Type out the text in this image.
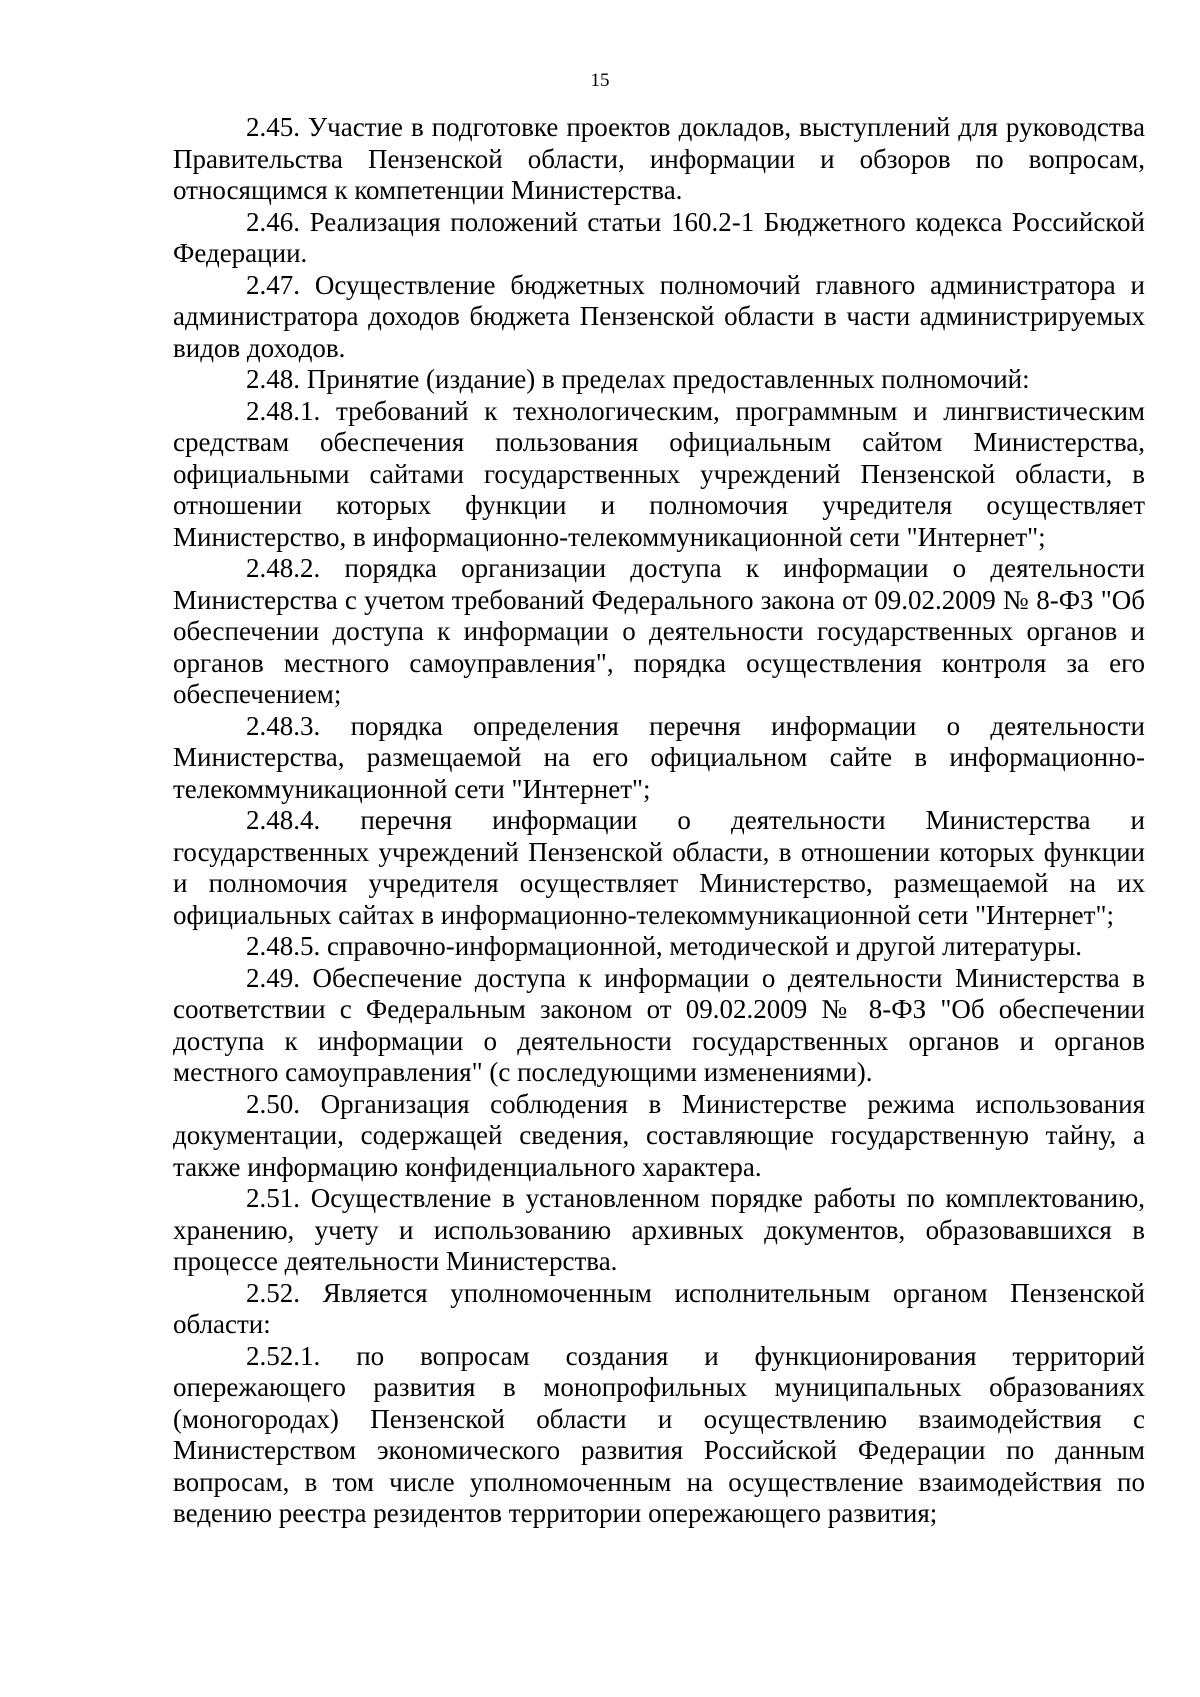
15

2.45. Участие в подготовке проектов докладов, выступлений для руководства Правительства Пензенской области, информации и обзоров по вопросам, относящимся к компетенции Министерства.

2.46. Реализация положений статьи 160.2-1 Бюджетного кодекса Российской Федерации.

2.47. Осуществление бюджетных полномочий главного администратора и администратора доходов бюджета Пензенской области в части администрируемых видов доходов.

2.48. Принятие (издание) в пределах предоставленных полномочий:

2.48.1. требований к технологическим, программным и лингвистическим средствам обеспечения пользования официальным сайтом Министерства, официальными сайтами государственных учреждений Пензенской области, в отношении которых функции и полномочия учредителя осуществляет Министерство, в информационно-телекоммуникационной сети "Интернет";

2.48.2. порядка организации доступа к информации о деятельности Министерства с учетом требований Федерального закона от 09.02.2009 № 8-ФЗ "Об обеспечении доступа к информации о деятельности государственных органов и органов местного самоуправления", порядка осуществления контроля за его обеспечением;

2.48.3. порядка определения перечня информации о деятельности Министерства, размещаемой на его официальном сайте в информационно-телекоммуникационной сети "Интернет";

2.48.4. перечня информации о деятельности Министерства и государственных учреждений Пензенской области, в отношении которых функции и полномочия учредителя осуществляет Министерство, размещаемой на их официальных сайтах в информационно-телекоммуникационной сети "Интернет";

2.48.5. справочно-информационной, методической и другой литературы.

2.49. Обеспечение доступа к информации о деятельности Министерства в соответствии с Федеральным законом от 09.02.2009 № 8-ФЗ "Об обеспечении доступа к информации о деятельности государственных органов и органов местного самоуправления" (с последующими изменениями).

2.50. Организация соблюдения в Министерстве режима использования документации, содержащей сведения, составляющие государственную тайну, а также информацию конфиденциального характера.

2.51. Осуществление в установленном порядке работы по комплектованию, хранению, учету и использованию архивных документов, образовавшихся в процессе деятельности Министерства.

2.52. Является уполномоченным исполнительным органом Пензенской области:

2.52.1. по вопросам создания и функционирования территорий опережающего развития в монопрофильных муниципальных образованиях (моногородах) Пензенской области и осуществлению взаимодействия с Министерством экономического развития Российской Федерации по данным вопросам, в том числе уполномоченным на осуществление взаимодействия по ведению реестра резидентов территории опережающего развития;
